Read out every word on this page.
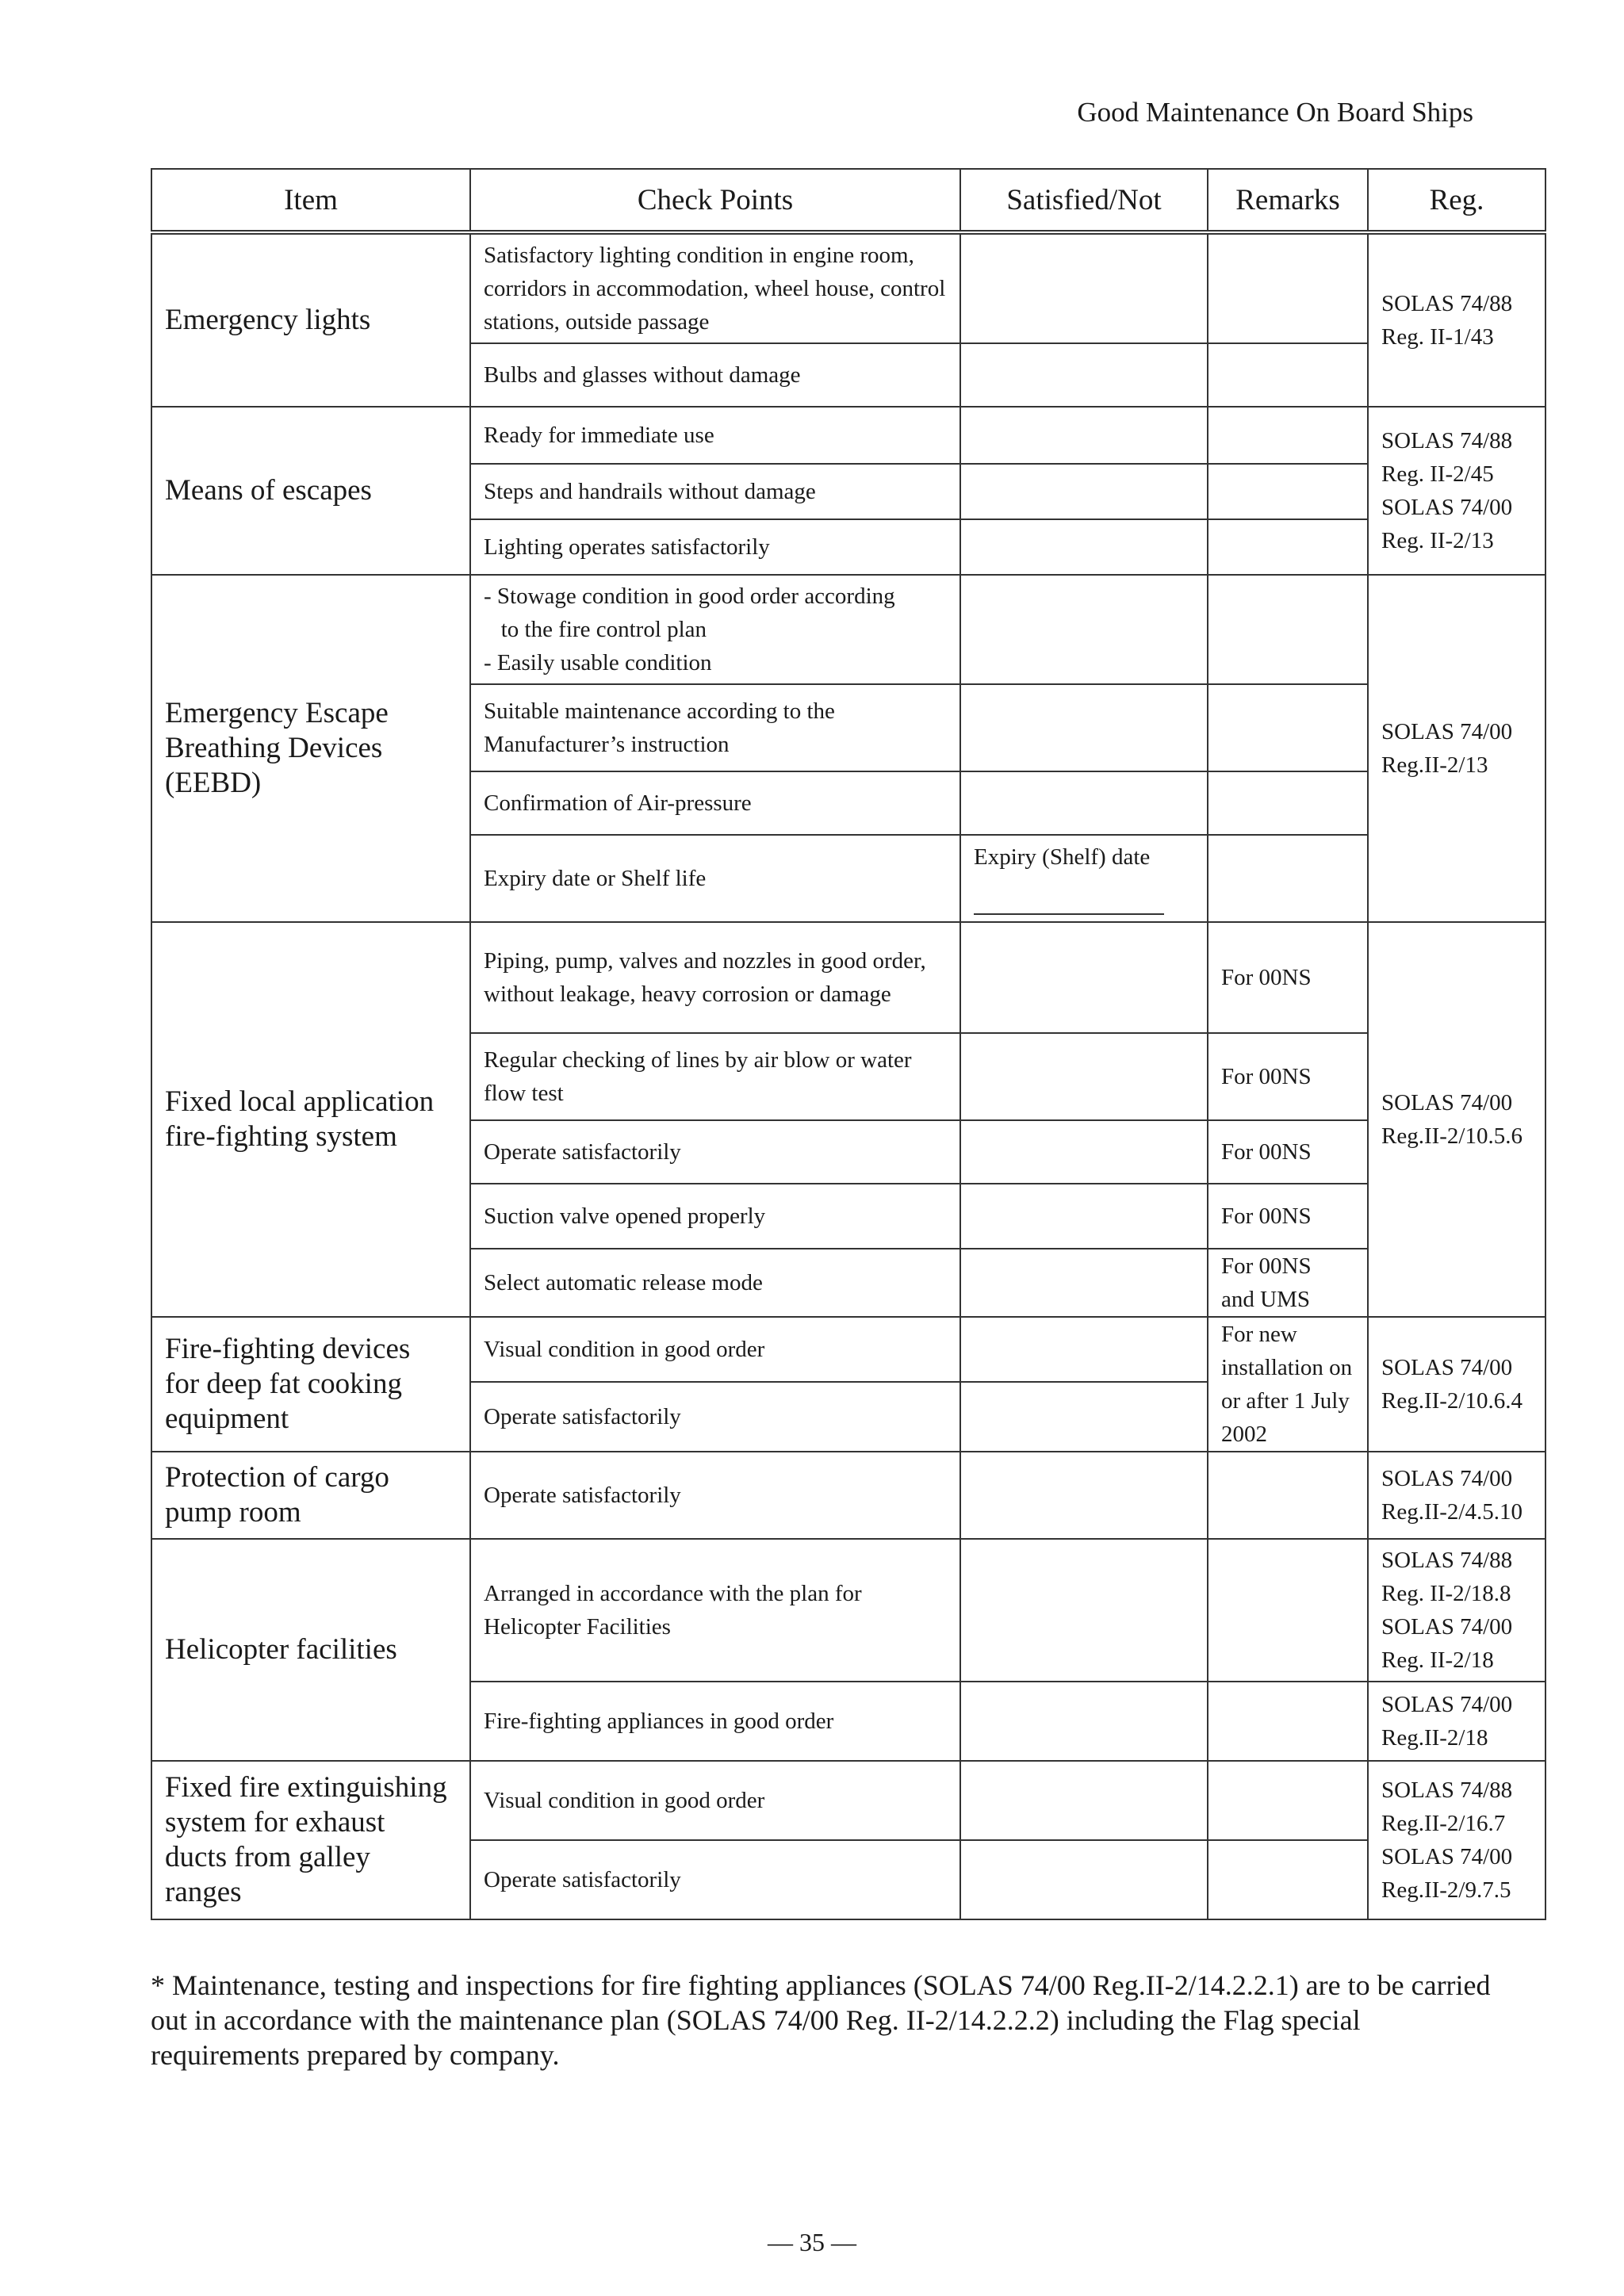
Good Maintenance On Board Ships
Item	Check Points	Satisfied/Not	Remarks	Reg.

Emergency lights	Satisfactory lighting condition in engine room, corridors in accommodation, wheel house, control stations, outside passage			SOLAS 74/88
Reg. II-1/43

	Bulbs and glasses without damage			

Means of escapes	Ready for immediate use			SOLAS 74/88
Reg. II-2/45
SOLAS 74/00
Reg. II-2/13

	Steps and handrails without damage			

	Lighting operates satisfactorily			

Emergency Escape
Breathing Devices
(EEBD)	- Stowage condition in good order according
to the fire control plan
- Easily usable condition			SOLAS 74/00
Reg.II-2/13

	Suitable maintenance according to the Manufacturer’s instruction			

	Confirmation of Air-pressure			

	Expiry date or Shelf life	Expiry (Shelf) date		

Fixed local application
fire-fighting system	Piping, pump, valves and nozzles in good order, without leakage, heavy corrosion or damage		For 00NS	SOLAS 74/00
Reg.II-2/10.5.6

	Regular checking of lines by air blow or water flow test		For 00NS	

	Operate satisfactorily		For 00NS	

	Suction valve opened properly		For 00NS	

	Select automatic release mode		For 00NS
and UMS	

Fire-fighting devices
for deep fat cooking
equipment	Visual condition in good order		For new
installation on
or after 1 July
2002	SOLAS 74/00
Reg.II-2/10.6.4

	Operate satisfactorily			

Protection of cargo
pump room	Operate satisfactorily			SOLAS 74/00
Reg.II-2/4.5.10

Helicopter facilities	Arranged in accordance with the plan for Helicopter Facilities			SOLAS 74/88
Reg. II-2/18.8
SOLAS 74/00
Reg. II-2/18

	Fire-fighting appliances in good order			SOLAS 74/00
Reg.II-2/18

Fixed fire extinguishing
system for exhaust
ducts from galley
ranges	Visual condition in good order			SOLAS 74/88
Reg.II-2/16.7
SOLAS 74/00
Reg.II-2/9.7.5

	Operate satisfactorily			

* Maintenance, testing and inspections for fire fighting appliances (SOLAS 74/00 Reg.II-2/14.2.2.1) are to be carried out in accordance with the maintenance plan (SOLAS 74/00 Reg. II-2/14.2.2.2) including the Flag special requirements prepared by company.
— 35 —
